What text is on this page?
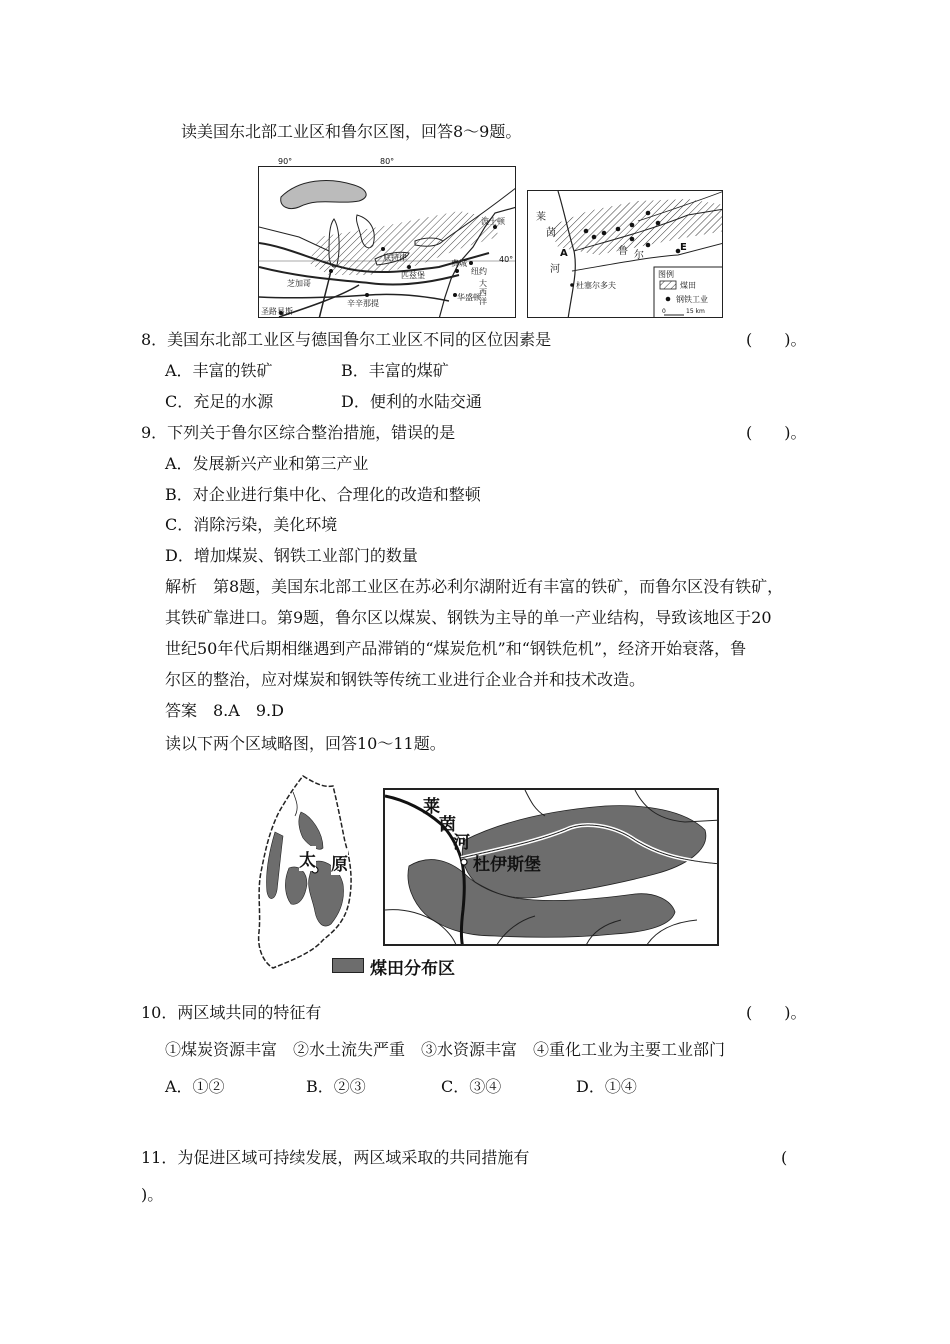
读美国东北部工业区和鲁尔区图，回答8～9题。
波士顿
底特律
芝加哥
匹兹堡
费城
纽约
大西洋
华盛顿
辛辛那提
圣路易斯
40°
90°	80°
莱
茵
河
鲁 尔
A
E
杜塞尔多夫
图例
煤田
钢铁工业
0	15 km
8．美国东北部工业区与德国鲁尔工业区不同的区位因素是	(　　)。
A．丰富的铁矿	B．丰富的煤矿
C．充足的水源	D．便利的水陆交通
9．下列关于鲁尔区综合整治措施，错误的是	(　　)。
A．发展新兴产业和第三产业
B．对企业进行集中化、合理化的改造和整顿
C．消除污染，美化环境
D．增加煤炭、钢铁工业部门的数量
解析　第8题，美国东北部工业区在苏必利尔湖附近有丰富的铁矿，而鲁尔区没有铁矿，
其铁矿靠进口。第9题，鲁尔区以煤炭、钢铁为主导的单一产业结构，导致该地区于20
世纪50年代后期相继遇到产品滞销的“煤炭危机”和“钢铁危机”，经济开始衰落，鲁
尔区的整治，应对煤炭和钢铁等传统工业进行企业合并和技术改造。
答案　8.A　9.D
读以下两个区域略图，回答10～11题。
太 原
莱
茵
河
杜伊斯堡
煤田分布区
10．两区域共同的特征有	(　　)。
①煤炭资源丰富　②水土流失严重　③水资源丰富　④重化工业为主要工业部门
A．①②	B．②③	C．③④	D．①④
11．为促进区域可持续发展，两区域采取的共同措施有	(
)。
